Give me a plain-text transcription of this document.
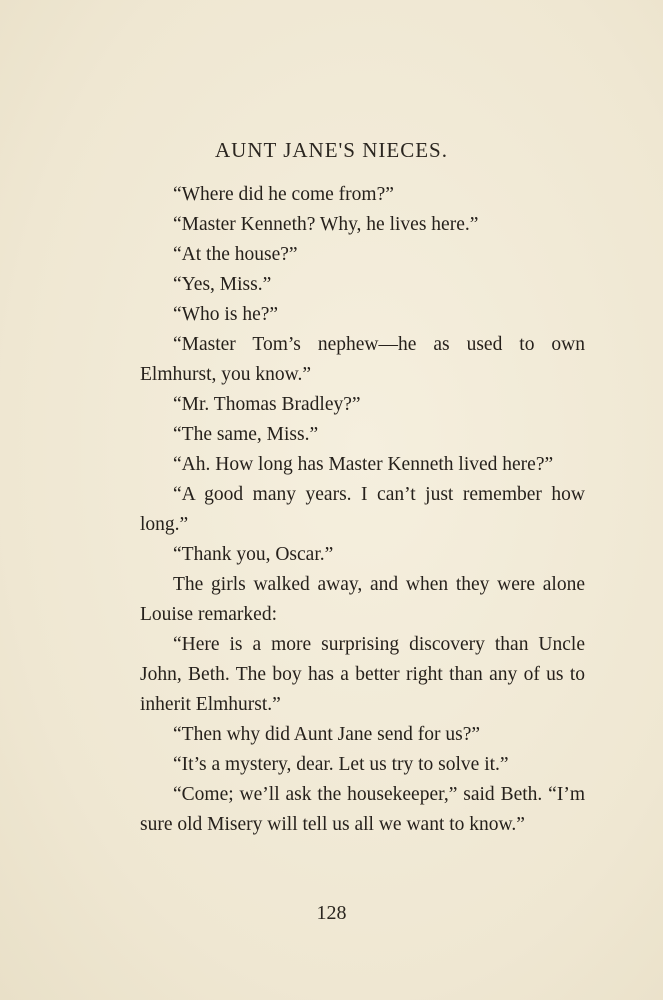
AUNT JANE'S NIECES.

“Where did he come from?”

“Master Kenneth? Why, he lives here.”

“At the house?”

“Yes, Miss.”

“Who is he?”

“Master Tom’s nephew—he as used to own Elmhurst, you know.”

“Mr. Thomas Bradley?”

“The same, Miss.”

“Ah. How long has Master Kenneth lived here?”

“A good many years. I can’t just remember how long.”

“Thank you, Oscar.”

The girls walked away, and when they were alone Louise remarked:

“Here is a more surprising discovery than Uncle John, Beth. The boy has a better right than any of us to inherit Elmhurst.”

“Then why did Aunt Jane send for us?”

“It’s a mystery, dear. Let us try to solve it.”

“Come; we’ll ask the housekeeper,” said Beth. “I’m sure old Misery will tell us all we want to know.”

128
